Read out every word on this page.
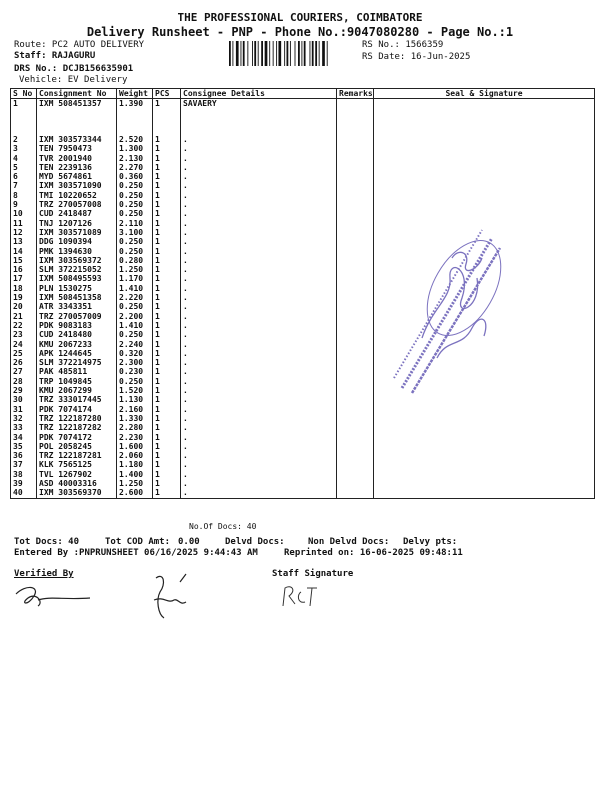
THE PROFESSIONAL COURIERS, COIMBATORE
Delivery Runsheet - PNP - Phone No.:9047080280 - Page No.:1
Route: PC2 AUTO DELIVERY
Staff: RAJAGURU
DRS No.: DCJB156635901
Vehicle: EV Delivery
RS No.: 1566359
RS Date: 16-Jun-2025
S No	Consignment No	Weight	PCS	Consignee Details	Remarks	Seal & Signature
1	IXM 508451357	1.390	1	SAVAERY		
2	IXM 303573344	2.520	1	.		
3	TEN 7950473	1.300	1	.		
4	TVR 2001940	2.130	1	.		
5	TEN 2239136	2.270	1	.		
6	MYD 5674861	0.360	1	.		
7	IXM 303571090	0.250	1	.		
8	TMI 10220652	0.250	1	.		
9	TRZ 270057008	0.250	1	.		
10	CUD 2418487	0.250	1	.		
11	TNJ 1207126	2.110	1	.		
12	IXM 303571089	3.100	1	.		
13	DDG 1090394	0.250	1	.		
14	PMK 1394630	0.250	1	.		
15	IXM 303569372	0.280	1	.		
16	SLM 372215052	1.250	1	.		
17	IXM 508495593	1.170	1	.		
18	PLN 1530275	1.410	1	.		
19	IXM 508451358	2.220	1	.		
20	ATR 3343351	0.250	1	.		
21	TRZ 270057009	2.200	1	.		
22	PDK 9083183	1.410	1	.		
23	CUD 2418480	0.250	1	.		
24	KMU 2067233	2.240	1	.		
25	APK 1244645	0.320	1	.		
26	SLM 372214975	2.300	1	.		
27	PAK 485811	0.230	1	.		
28	TRP 1049845	0.250	1	.		
29	KMU 2067299	1.520	1	.		
30	TRZ 333017445	1.130	1	.		
31	PDK 7074174	2.160	1	.		
32	TRZ 122187280	1.330	1	.		
33	TRZ 122187282	2.280	1	.		
34	PDK 7074172	2.230	1	.		
35	POL 2058245	1.600	1	.		
36	TRZ 122187281	2.060	1	.		
37	KLK 7565125	1.180	1	.		
38	TVL 1267902	1.400	1	.		
39	ASD 40003316	1.250	1	.		
40	IXM 303569370	2.600	1	.		
No.Of Docs: 40
Tot Docs: 40	Tot COD Amt: 0.00	Delvd Docs:	Non Delvd Docs: Delvy pts:
Entered By :PNPRUNSHEET 06/16/2025 9:44:43 AM	Reprinted on: 16-06-2025 09:48:11
Verified By	Staff Signature
